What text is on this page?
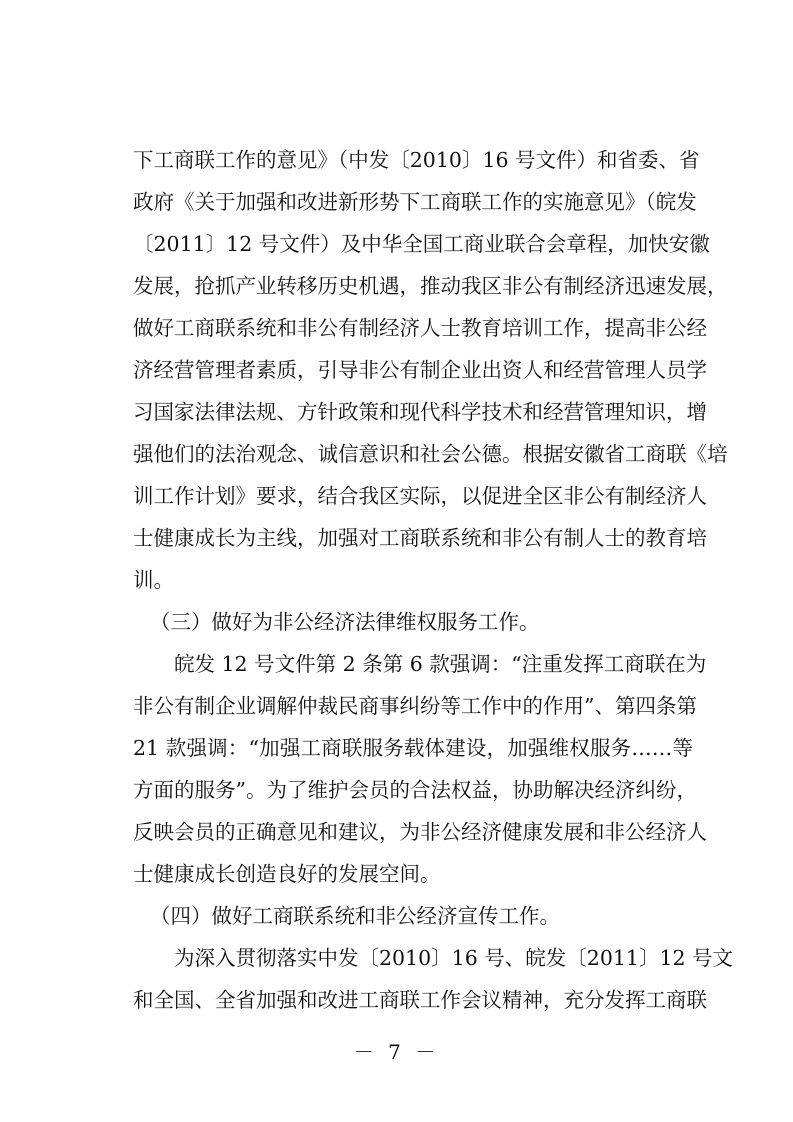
下工商联工作的意见》（中发〔2010〕16 号文件）和省委、省
政府《关于加强和改进新形势下工商联工作的实施意见》（皖发
〔2011〕12 号文件）及中华全国工商业联合会章程，加快安徽
发展，抢抓产业转移历史机遇，推动我区非公有制经济迅速发展，
做好工商联系统和非公有制经济人士教育培训工作，提高非公经
济经营管理者素质，引导非公有制企业出资人和经营管理人员学
习国家法律法规、方针政策和现代科学技术和经营管理知识，增
强他们的法治观念、诚信意识和社会公德。根据安徽省工商联《培
训工作计划》要求，结合我区实际，以促进全区非公有制经济人
士健康成长为主线，加强对工商联系统和非公有制人士的教育培
训。
（三）做好为非公经济法律维权服务工作。
皖发 12 号文件第 2 条第 6 款强调：“注重发挥工商联在为
非公有制企业调解仲裁民商事纠纷等工作中的作用”、第四条第
21 款强调：“加强工商联服务载体建设，加强维权服务……等
方面的服务”。为了维护会员的合法权益，协助解决经济纠纷，
反映会员的正确意见和建议，为非公经济健康发展和非公经济人
士健康成长创造良好的发展空间。
（四）做好工商联系统和非公经济宣传工作。
为深入贯彻落实中发〔2010〕16 号、皖发〔2011〕12 号文
和全国、全省加强和改进工商联工作会议精神，充分发挥工商联
－ 7 －
